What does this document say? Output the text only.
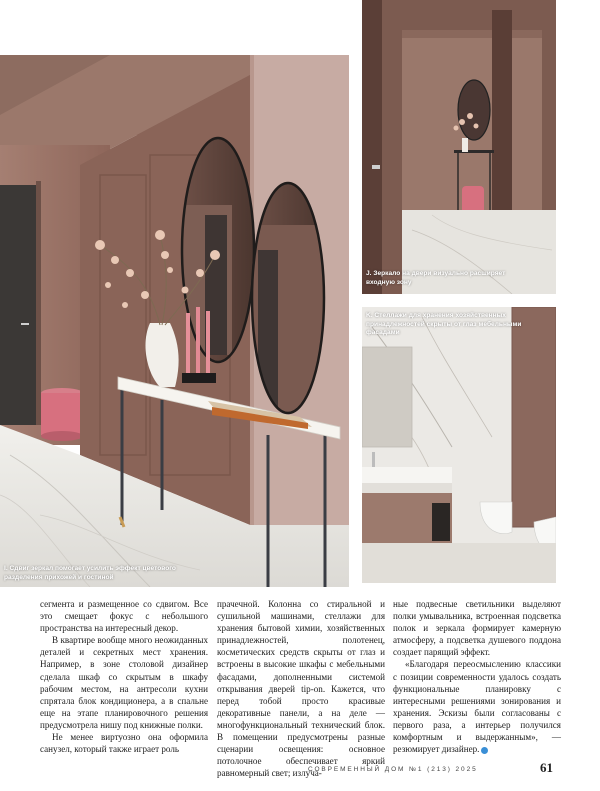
I. Сдвиг зеркал помогает усилить эффект цветового разделения прихожей и гостиной
J. Зеркало на двери визуально расширяет входную зону
K. Стеллажи для хранения хозяйственных принадлежностей скрыты от глаз мебельными фасадами

сегмента и размещенное со сдвигом. Все это смещает фокус с небольшого пространства на интересный декор.

В квартире вообще много неожиданных деталей и секретных мест хранения. Например, в зоне столовой дизайнер сделала шкаф со скрытым в шкафу рабочим местом, на антресоли кухни спрятала блок кондиционера, а в спальне еще на этапе планировочного решения предусмотрела нишу под книжные полки.

Не менее виртуозно она оформила санузел, который также играет роль

прачечной. Колонна со стиральной и сушильной машинами, стеллажи для хранения бытовой химии, хозяйственных принадлежностей, полотенец, косметических средств скрыты от глаз и встроены в высокие шкафы с мебельными фасадами, дополненными системой открывания дверей tip-on. Кажется, что перед тобой просто красивые декоративные панели, а на деле — многофункциональный технический блок. В помещении предусмотрены разные сценарии освещения: основное потолочное обеспечивает яркий равномерный свет; излуча-

ные подвесные светильники выделяют полки умывальника, встроенная подсветка полок и зеркала формирует камерную атмосферу, а подсветка душевого поддона создает парящий эффект.

«Благодаря переосмыслению классики с позиции современности удалось создать функциональные планировку с интересными решениями зонирования и хранения. Эскизы были согласованы с первого раза, а интерьер получился комфортным и выдержанным», — резюмирует дизайнер.

СОВРЕМЕННЫЙ ДОМ №1 (213) 2025	61
